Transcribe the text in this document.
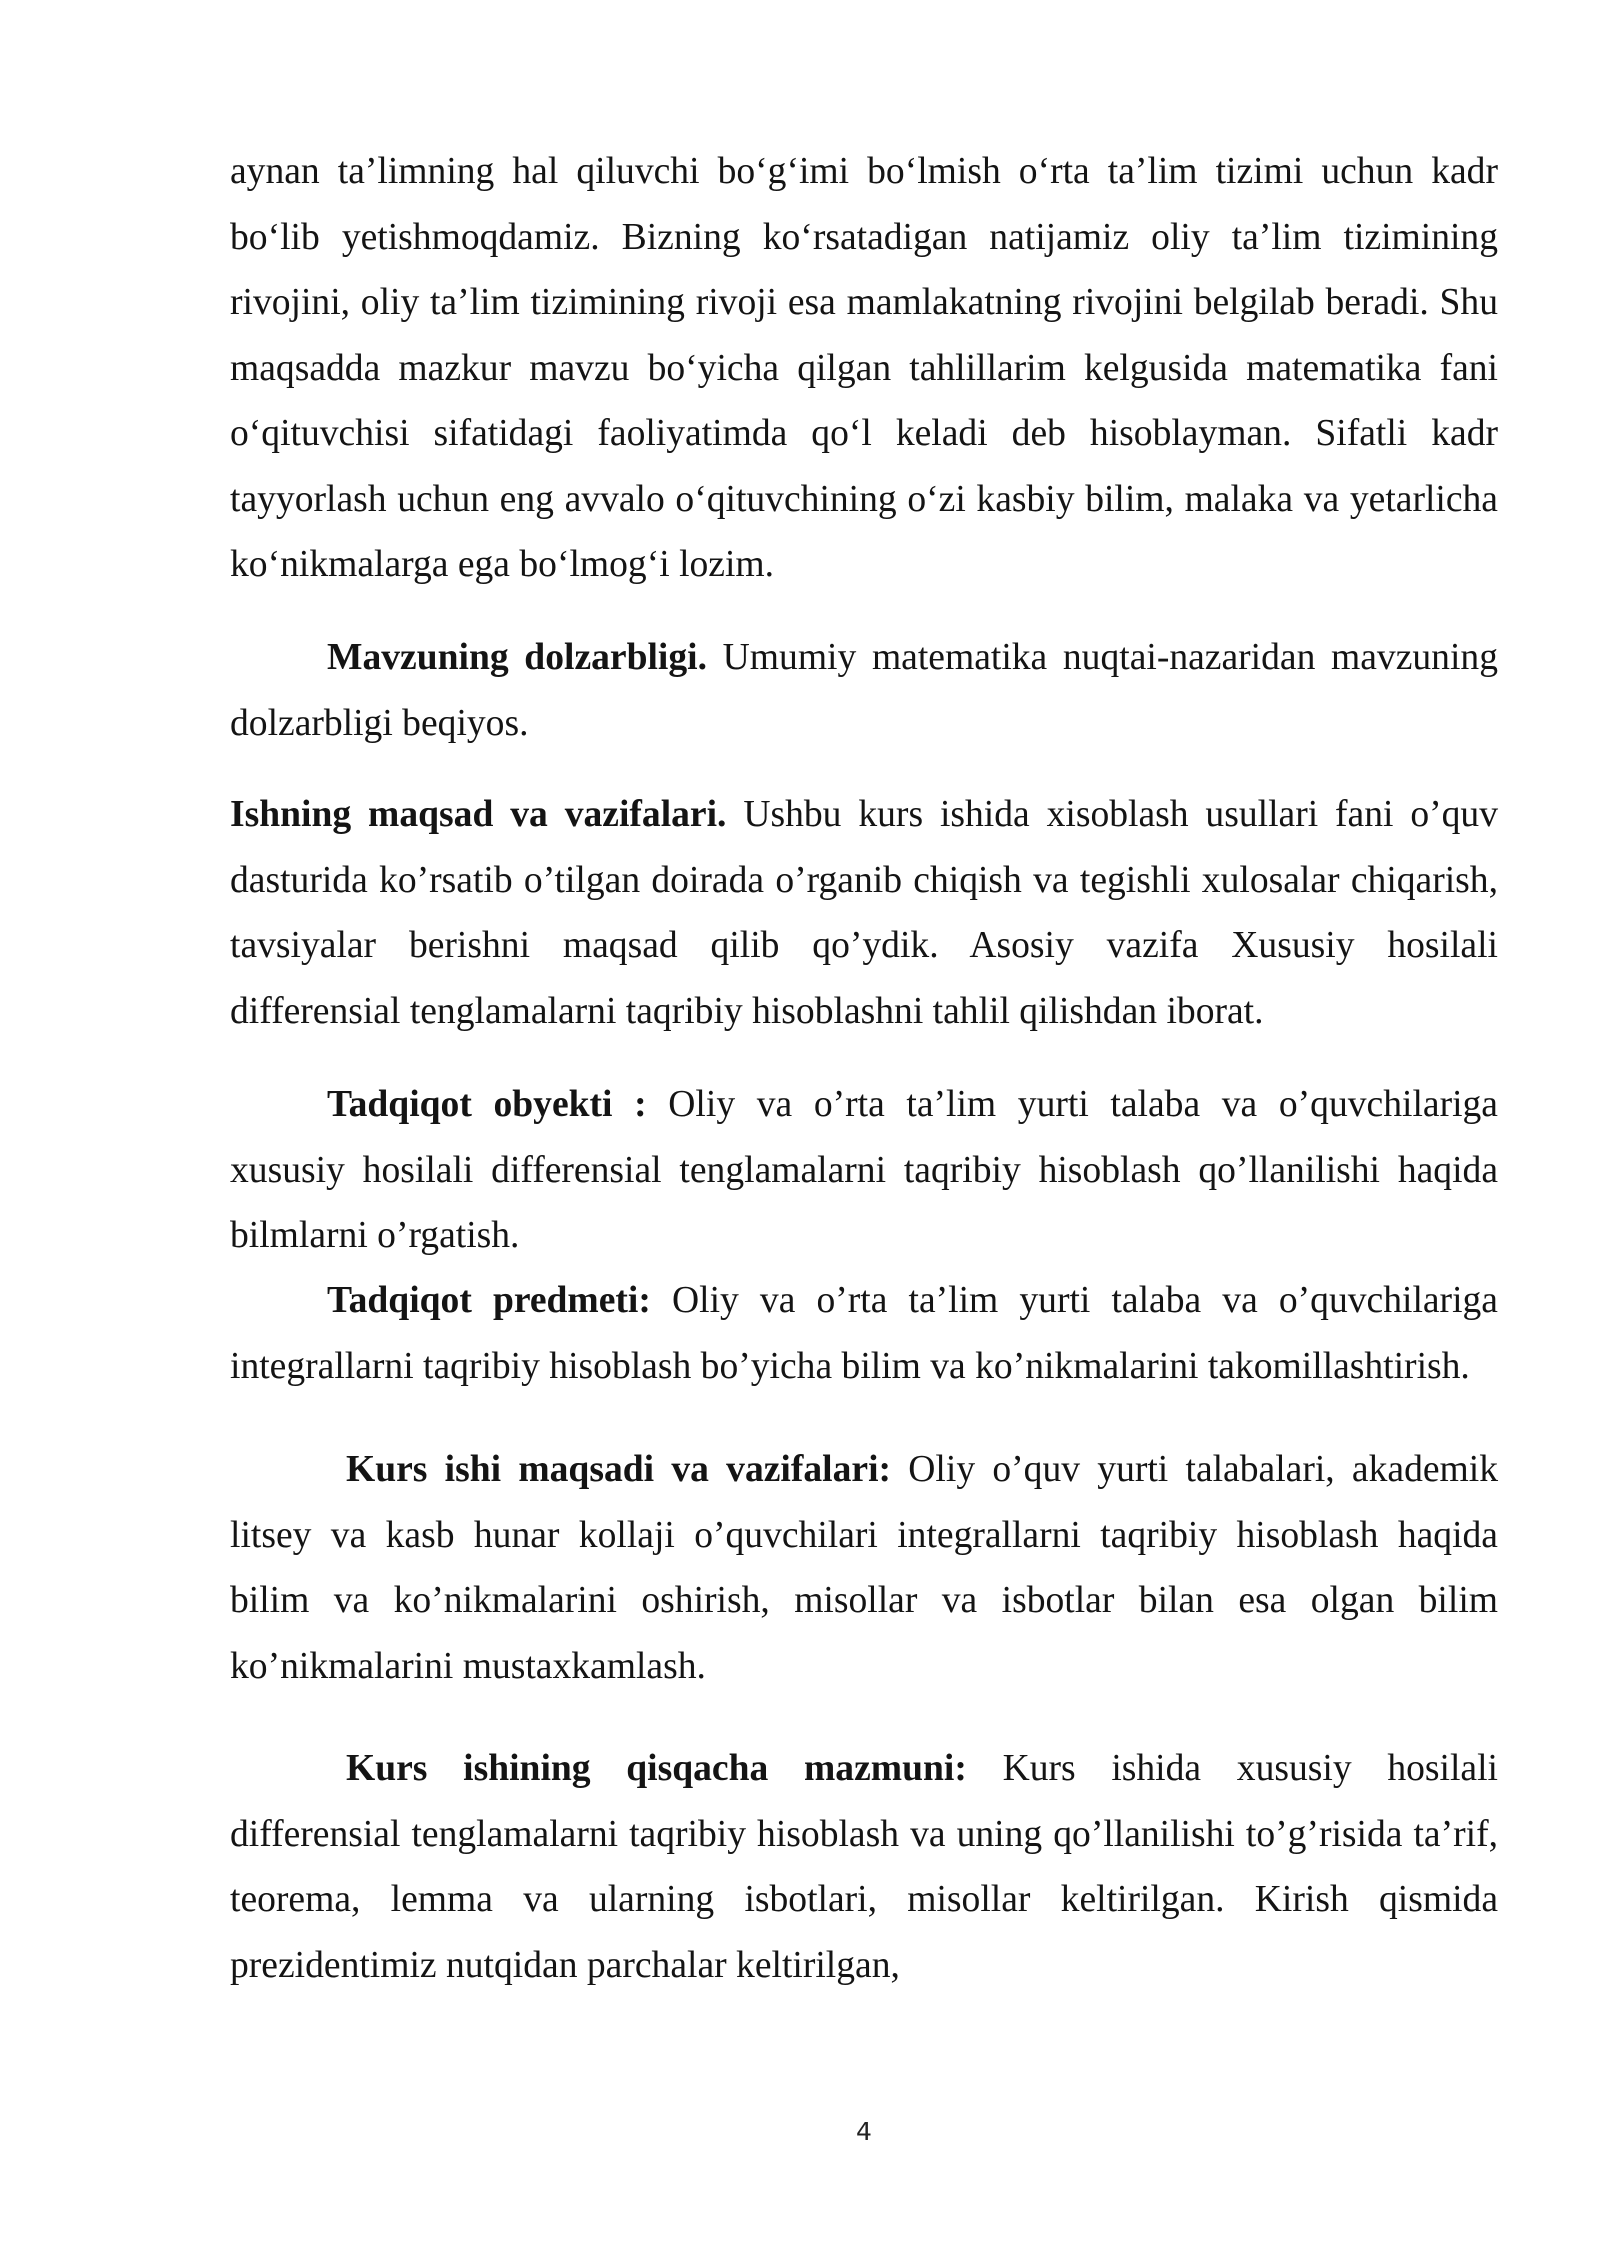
aynan ta’limning hal qiluvchi bo‘g‘imi bo‘lmish o‘rta ta’lim tizimi uchun kadr
bo‘lib yetishmoqdamiz. Bizning ko‘rsatadigan natijamiz oliy ta’lim tizimining
rivojini, oliy ta’lim tizimining rivoji esa mamlakatning rivojini belgilab beradi. Shu
maqsadda mazkur mavzu bo‘yicha qilgan tahlillarim kelgusida matematika fani
o‘qituvchisi sifatidagi faoliyatimda qo‘l keladi deb hisoblayman. Sifatli kadr
tayyorlash uchun eng avvalo o‘qituvchining o‘zi kasbiy bilim, malaka va yetarlicha
ko‘nikmalarga ega bo‘lmog‘i lozim.
Mavzuning dolzarbligi. Umumiy matematika nuqtai-nazaridan mavzuning
dolzarbligi beqiyos.
Ishning maqsad va vazifalari. Ushbu kurs ishida xisoblash usullari fani o’quv
dasturida ko’rsatib o’tilgan doirada o’rganib chiqish va tegishli xulosalar chiqarish,
tavsiyalar berishni maqsad qilib qo’ydik. Asosiy vazifa Xususiy hosilali
differensial tenglamalarni taqribiy hisoblashni tahlil qilishdan iborat.
Tadqiqot obyekti : Oliy va o’rta ta’lim yurti talaba va o’quvchilariga
xususiy hosilali differensial tenglamalarni taqribiy hisoblash qo’llanilishi haqida
bilmlarni o’rgatish.
Tadqiqot predmeti: Oliy va o’rta ta’lim yurti talaba va o’quvchilariga
integrallarni taqribiy hisoblash bo’yicha bilim va ko’nikmalarini takomillashtirish.
Kurs ishi maqsadi va vazifalari: Oliy o’quv yurti talabalari, akademik
litsey va kasb hunar kollaji o’quvchilari integrallarni taqribiy hisoblash haqida
bilim va ko’nikmalarini oshirish, misollar va isbotlar bilan esa olgan bilim
ko’nikmalarini mustaxkamlash.
Kurs ishining qisqacha mazmuni: Kurs ishida xususiy hosilali
differensial tenglamalarni taqribiy hisoblash va uning qo’llanilishi to’g’risida ta’rif,
teorema, lemma va ularning isbotlari, misollar keltirilgan. Kirish qismida
prezidentimiz nutqidan parchalar keltirilgan,
4
